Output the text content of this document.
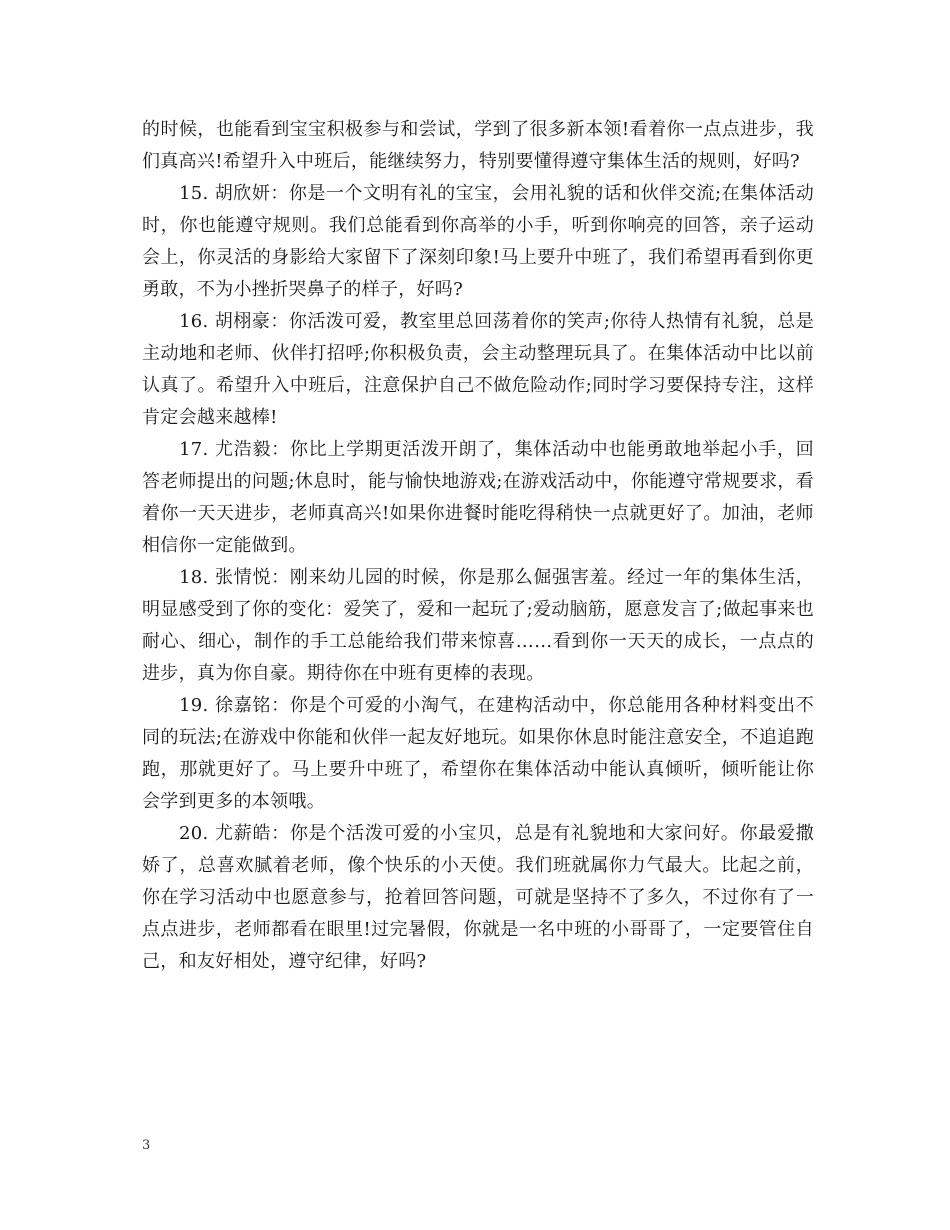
的时候，也能看到宝宝积极参与和尝试，学到了很多新本领!看着你一点点进步，我们真高兴!希望升入中班后，能继续努力，特别要懂得遵守集体生活的规则，好吗?

15. 胡欣妍：你是一个文明有礼的宝宝，会用礼貌的话和伙伴交流;在集体活动时，你也能遵守规则。我们总能看到你高举的小手，听到你响亮的回答，亲子运动会上，你灵活的身影给大家留下了深刻印象!马上要升中班了，我们希望再看到你更勇敢，不为小挫折哭鼻子的样子，好吗?

16. 胡栩豪：你活泼可爱，教室里总回荡着你的笑声;你待人热情有礼貌，总是主动地和老师、伙伴打招呼;你积极负责，会主动整理玩具了。在集体活动中比以前认真了。希望升入中班后，注意保护自己不做危险动作;同时学习要保持专注，这样肯定会越来越棒!

17. 尤浩毅：你比上学期更活泼开朗了，集体活动中也能勇敢地举起小手，回答老师提出的问题;休息时，能与愉快地游戏;在游戏活动中，你能遵守常规要求，看着你一天天进步，老师真高兴!如果你进餐时能吃得稍快一点就更好了。加油，老师相信你一定能做到。

18. 张情悦：刚来幼儿园的时候，你是那么倔强害羞。经过一年的集体生活，明显感受到了你的变化：爱笑了，爱和一起玩了;爱动脑筋，愿意发言了;做起事来也耐心、细心，制作的手工总能给我们带来惊喜……看到你一天天的成长，一点点的进步，真为你自豪。期待你在中班有更棒的表现。

19. 徐嘉铭：你是个可爱的小淘气，在建构活动中，你总能用各种材料变出不同的玩法;在游戏中你能和伙伴一起友好地玩。如果你休息时能注意安全，不追追跑跑，那就更好了。马上要升中班了，希望你在集体活动中能认真倾听，倾听能让你会学到更多的本领哦。

20. 尤薪皓：你是个活泼可爱的小宝贝，总是有礼貌地和大家问好。你最爱撒娇了，总喜欢腻着老师，像个快乐的小天使。我们班就属你力气最大。比起之前，你在学习活动中也愿意参与，抢着回答问题，可就是坚持不了多久，不过你有了一点点进步，老师都看在眼里!过完暑假，你就是一名中班的小哥哥了，一定要管住自己，和友好相处，遵守纪律，好吗?

3
